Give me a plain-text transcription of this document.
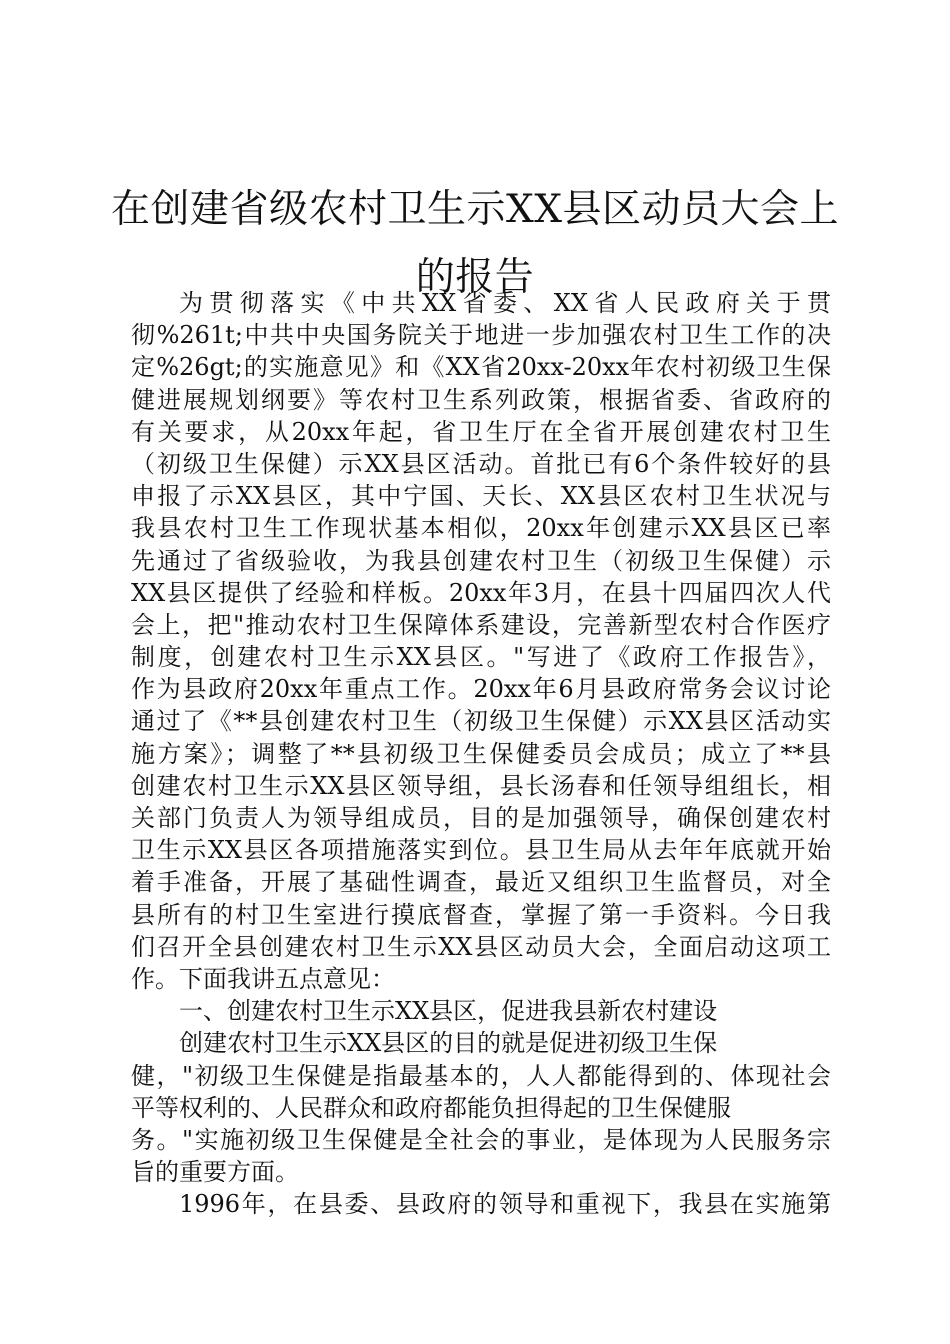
在创建省级农村卫生示XX县区动员大会上的报告
为贯彻落实《中共XX省委、XX省人民政府关于贯
彻%261t;中共中央国务院关于地进一步加强农村卫生工作的决
定%26gt;的实施意见》和《XX省20xx-20xx年农村初级卫生保
健进展规划纲要》等农村卫生系列政策，根据省委、省政府的
有关要求，从20xx年起，省卫生厅在全省开展创建农村卫生
（初级卫生保健）示XX县区活动。首批已有6个条件较好的县
申报了示XX县区，其中宁国、天长、XX县区农村卫生状况与
我县农村卫生工作现状基本相似，20xx年创建示XX县区已率
先通过了省级验收，为我县创建农村卫生（初级卫生保健）示
XX县区提供了经验和样板。20xx年3月，在县十四届四次人代
会上，把"推动农村卫生保障体系建设，完善新型农村合作医疗
制度，创建农村卫生示XX县区。"写进了《政府工作报告》，
作为县政府20xx年重点工作。20xx年6月县政府常务会议讨论
通过了《**县创建农村卫生（初级卫生保健）示XX县区活动实
施方案》；调整了**县初级卫生保健委员会成员；成立了**县
创建农村卫生示XX县区领导组，县长汤春和任领导组组长，相
关部门负责人为领导组成员，目的是加强领导，确保创建农村
卫生示XX县区各项措施落实到位。县卫生局从去年年底就开始
着手准备，开展了基础性调查，最近又组织卫生监督员，对全
县所有的村卫生室进行摸底督查，掌握了第一手资料。今日我
们召开全县创建农村卫生示XX县区动员大会，全面启动这项工
作。下面我讲五点意见：
一、创建农村卫生示XX县区，促进我县新农村建设
创建农村卫生示XX县区的目的就是促进初级卫生保
健，"初级卫生保健是指最基本的，人人都能得到的、体现社会
平等权利的、人民群众和政府都能负担得起的卫生保健服
务。"实施初级卫生保健是全社会的事业，是体现为人民服务宗
旨的重要方面。
1996年，在县委、县政府的领导和重视下，我县在实施第
